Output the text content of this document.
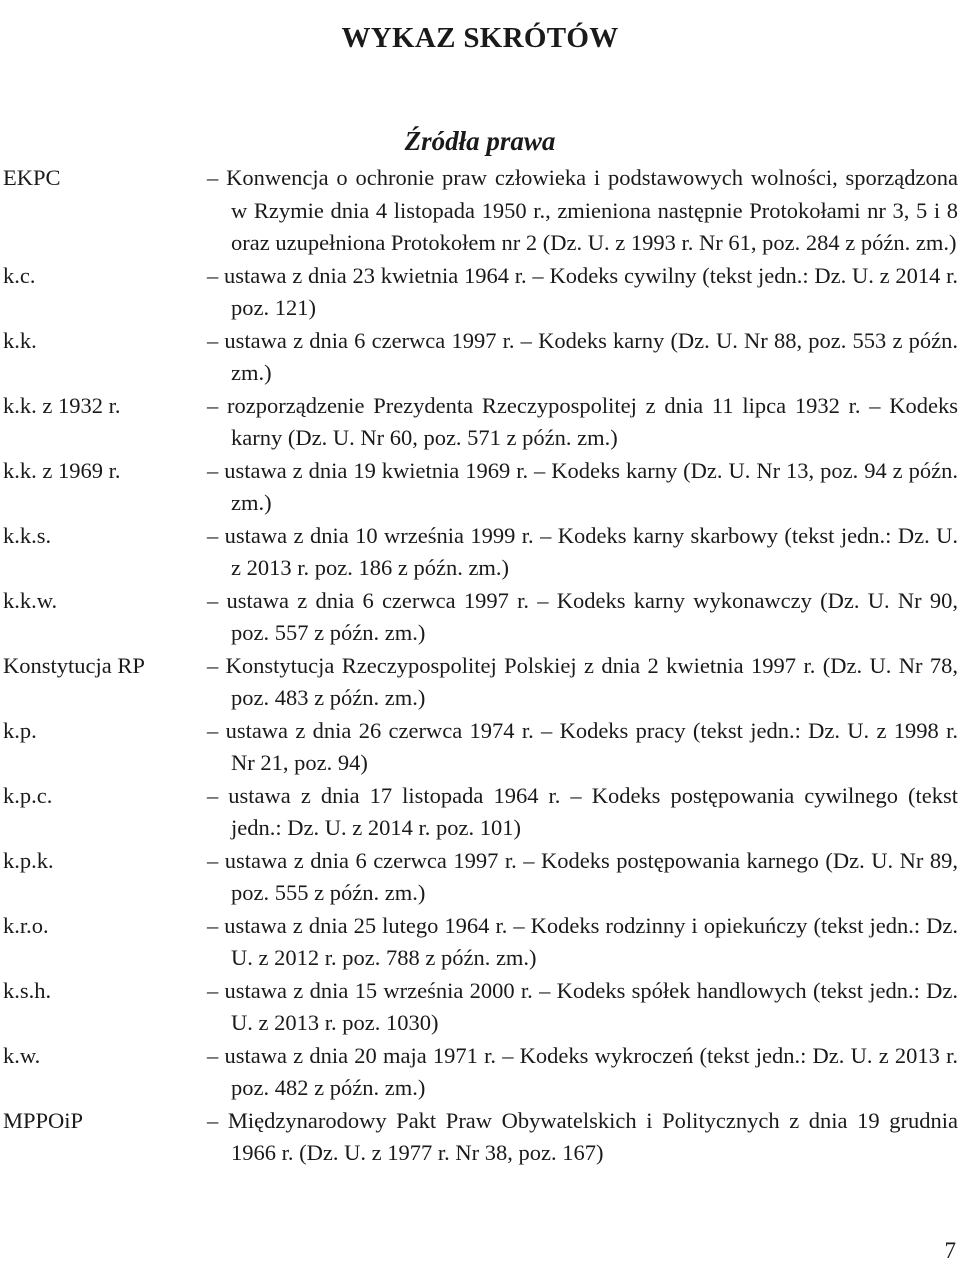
WYKAZ SKRÓTÓW
Źródła prawa
EKPC	– Konwencja o ochronie praw człowieka i podstawowych wolności, sporządzona w Rzymie dnia 4 listopada 1950 r., zmieniona następnie Protokołami nr 3, 5 i 8 oraz uzupełniona Protokołem nr 2 (Dz. U. z 1993 r. Nr 61, poz. 284 z późn. zm.)
k.c.	– ustawa z dnia 23 kwietnia 1964 r. – Kodeks cywilny (tekst jedn.: Dz. U. z 2014 r. poz. 121)
k.k.	– ustawa z dnia 6 czerwca 1997 r. – Kodeks karny (Dz. U. Nr 88, poz. 553 z późn. zm.)
k.k. z 1932 r.	– rozporządzenie Prezydenta Rzeczypospolitej z dnia 11 lipca 1932 r. – Kodeks karny (Dz. U. Nr 60, poz. 571 z późn. zm.)
k.k. z 1969 r.	– ustawa z dnia 19 kwietnia 1969 r. – Kodeks karny (Dz. U. Nr 13, poz. 94 z późn. zm.)
k.k.s.	– ustawa z dnia 10 września 1999 r. – Kodeks karny skarbowy (tekst jedn.: Dz. U. z 2013 r. poz. 186 z późn. zm.)
k.k.w.	– ustawa z dnia 6 czerwca 1997 r. – Kodeks karny wykonawczy (Dz. U. Nr 90, poz. 557 z późn. zm.)
Konstytucja RP	– Konstytucja Rzeczypospolitej Polskiej z dnia 2 kwietnia 1997 r. (Dz. U. Nr 78, poz. 483 z późn. zm.)
k.p.	– ustawa z dnia 26 czerwca 1974 r. – Kodeks pracy (tekst jedn.: Dz. U. z 1998 r. Nr 21, poz. 94)
k.p.c.	– ustawa z dnia 17 listopada 1964 r. – Kodeks postępowania cywilnego (tekst jedn.: Dz. U. z 2014 r. poz. 101)
k.p.k.	– ustawa z dnia 6 czerwca 1997 r. – Kodeks postępowania karnego (Dz. U. Nr 89, poz. 555 z późn. zm.)
k.r.o.	– ustawa z dnia 25 lutego 1964 r. – Kodeks rodzinny i opiekuńczy (tekst jedn.: Dz. U. z 2012 r. poz. 788 z późn. zm.)
k.s.h.	– ustawa z dnia 15 września 2000 r. – Kodeks spółek handlowych (tekst jedn.: Dz. U. z 2013 r. poz. 1030)
k.w.	– ustawa z dnia 20 maja 1971 r. – Kodeks wykroczeń (tekst jedn.: Dz. U. z 2013 r. poz. 482 z późn. zm.)
MPPOiP	– Międzynarodowy Pakt Praw Obywatelskich i Politycznych z dnia 19 grudnia 1966 r. (Dz. U. z 1977 r. Nr 38, poz. 167)
7
